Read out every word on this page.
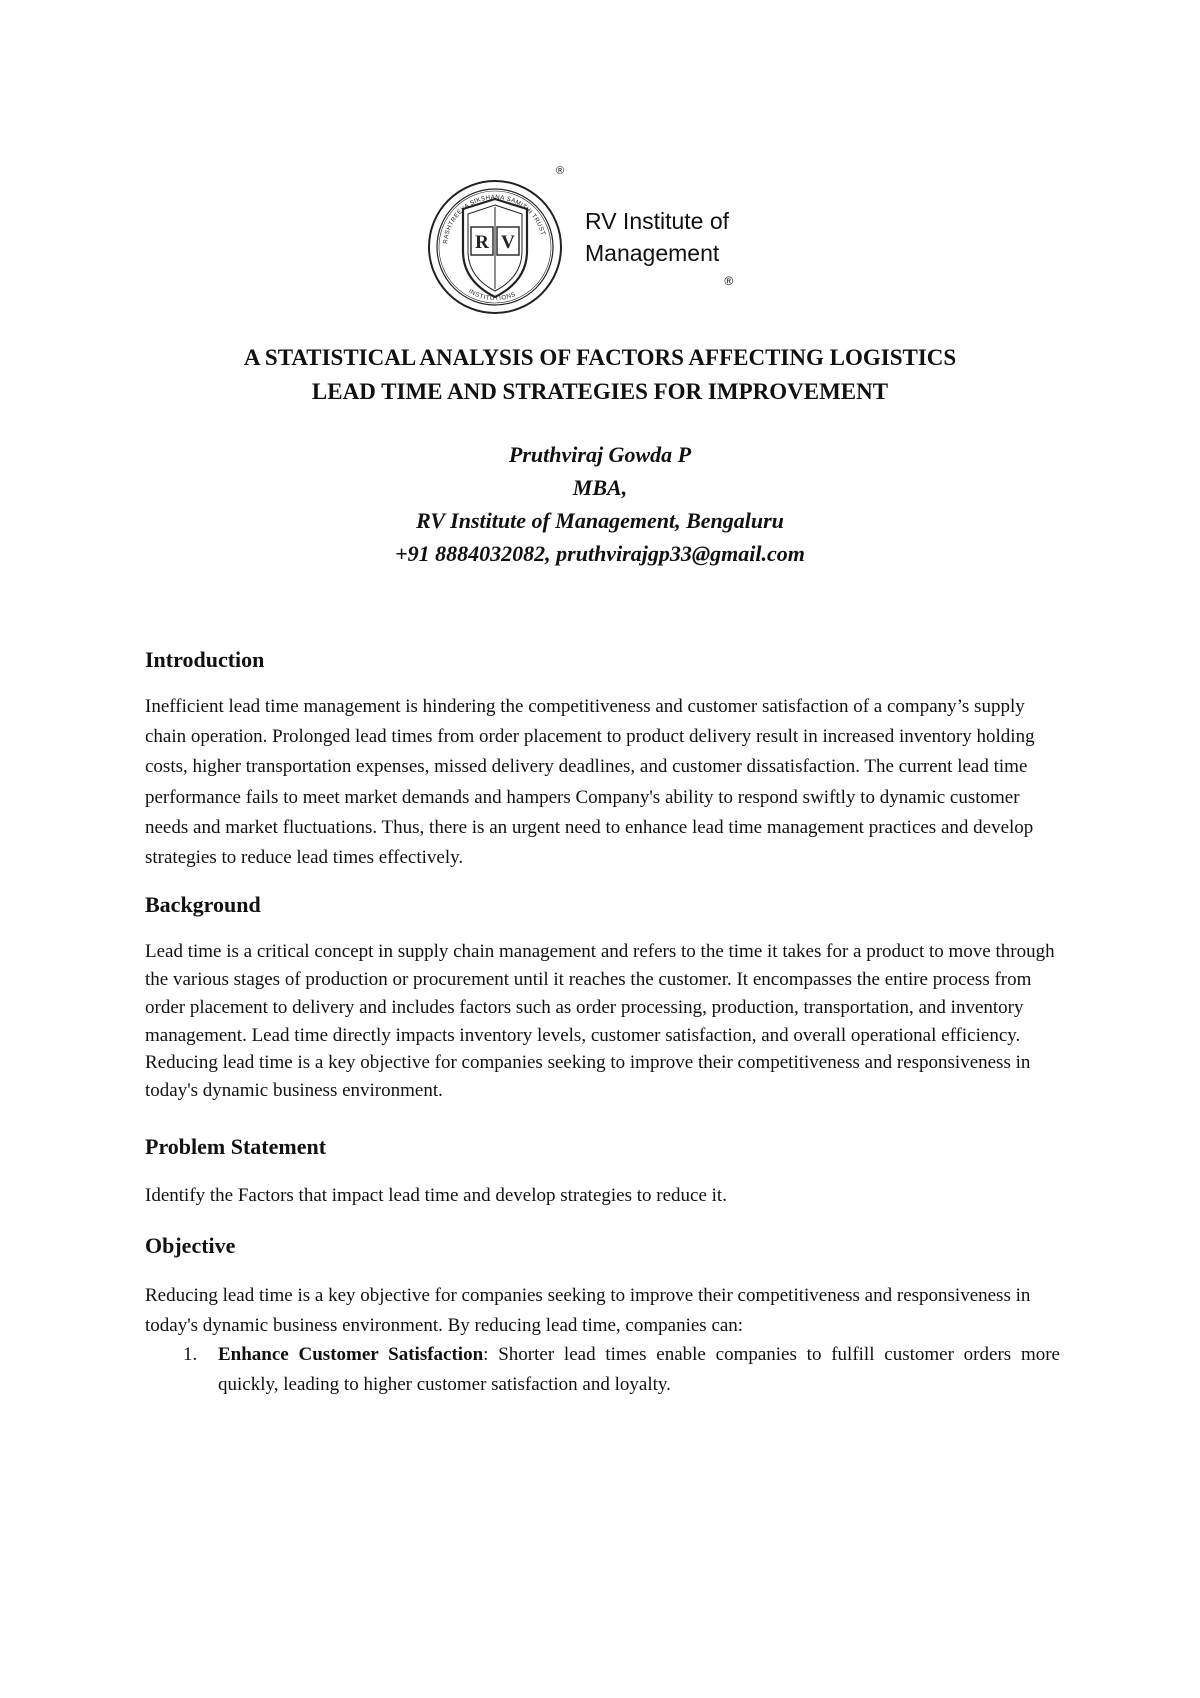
R V
RASHTREEYA SIKSHANA SAMITHI TRUST
INSTITUTIONS
®
RV Institute of
Management
®
A STATISTICAL ANALYSIS OF FACTORS AFFECTING LOGISTICS
LEAD TIME AND STRATEGIES FOR IMPROVEMENT
Pruthviraj Gowda P
MBA,
RV Institute of Management, Bengaluru
+91 8884032082, pruthvirajgp33@gmail.com
Introduction

Inefficient lead time management is hindering the competitiveness and customer satisfaction of a company’s supply chain operation. Prolonged lead times from order placement to product delivery result in increased inventory holding costs, higher transportation expenses, missed delivery deadlines, and customer dissatisfaction. The current lead time performance fails to meet market demands and hampers Company's ability to respond swiftly to dynamic customer needs and market fluctuations. Thus, there is an urgent need to enhance lead time management practices and develop strategies to reduce lead times effectively.

Background

Lead time is a critical concept in supply chain management and refers to the time it takes for a product to move through the various stages of production or procurement until it reaches the customer. It encompasses the entire process from order placement to delivery and includes factors such as order processing, production, transportation, and inventory management. Lead time directly impacts inventory levels, customer satisfaction, and overall operational efficiency. Reducing lead time is a key objective for companies seeking to improve their competitiveness and responsiveness in today's dynamic business environment.

Problem Statement

Identify the Factors that impact lead time and develop strategies to reduce it.

Objective

Reducing lead time is a key objective for companies seeking to improve their competitiveness and responsiveness in today's dynamic business environment. By reducing lead time, companies can:

1. Enhance Customer Satisfaction: Shorter lead times enable companies to fulfill customer orders more quickly, leading to higher customer satisfaction and loyalty.
